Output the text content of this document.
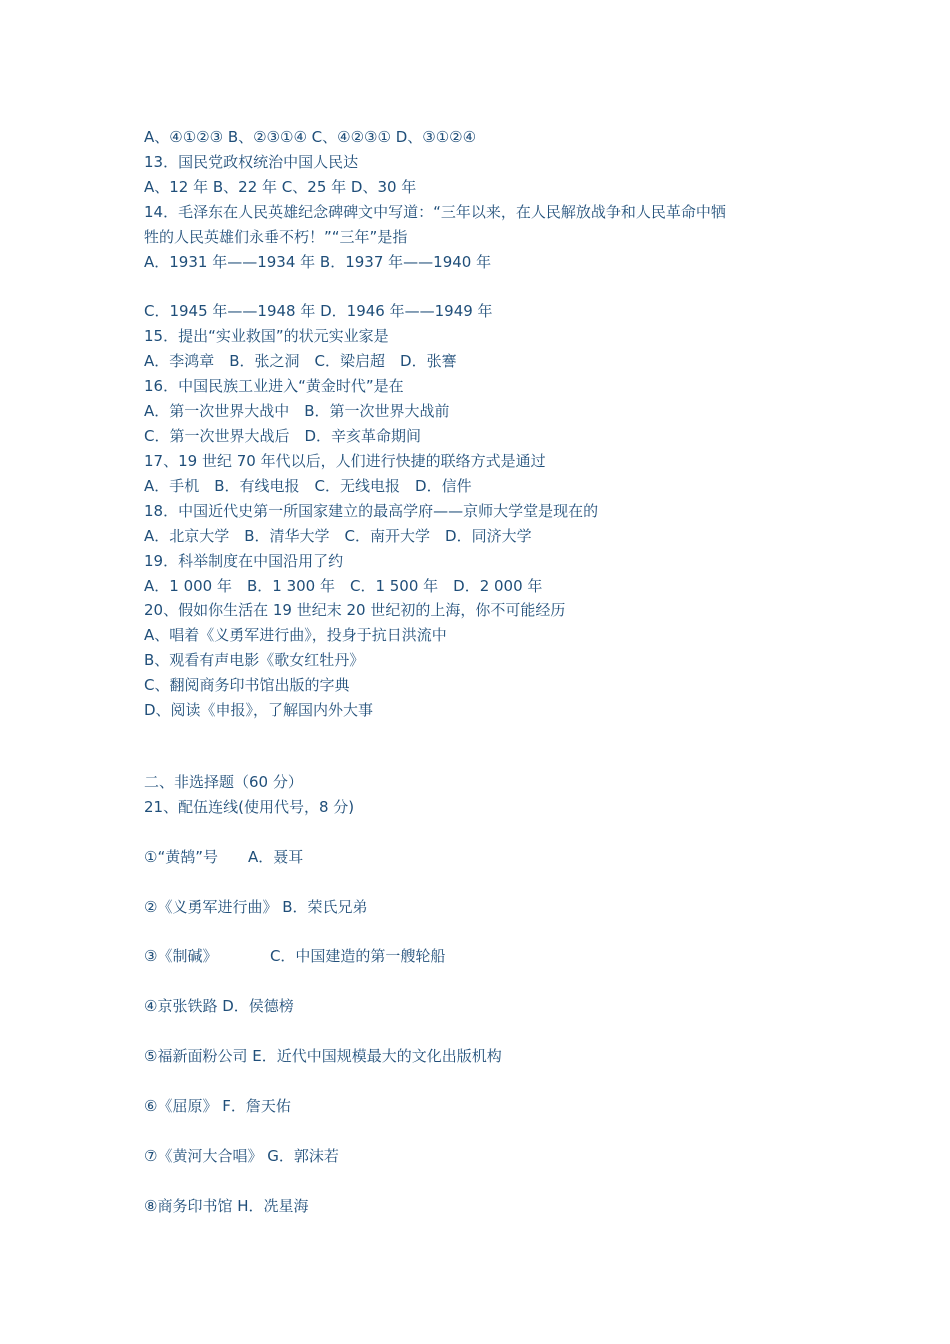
A、④①②③ B、②③①④ C、④②③① D、③①②④
13．国民党政权统治中国人民达
A、12 年 B、22 年 C、25 年 D、30 年
14．毛泽东在人民英雄纪念碑碑文中写道：“三年以来，在人民解放战争和人民革命中牺
牲的人民英雄们永垂不朽！”“三年”是指
A．1931 年——1934 年 B．1937 年——1940 年
C．1945 年——1948 年 D．1946 年——1949 年
15．提出“实业救国”的状元实业家是
A．李鸿章　B．张之洞　C．梁启超　D．张謇
16．中国民族工业进入“黄金时代”是在
A．第一次世界大战中　B．第一次世界大战前
C．第一次世界大战后　D．辛亥革命期间
17、19 世纪 70 年代以后，人们进行快捷的联络方式是通过
A．手机　B．有线电报　C．无线电报　D．信件
18．中国近代史第一所国家建立的最高学府——京师大学堂是现在的
A．北京大学　B．清华大学　C．南开大学　D．同济大学
19．科举制度在中国沿用了约
A．1 000 年　B．1 300 年　C．1 500 年　D．2 000 年
20、假如你生活在 19 世纪末 20 世纪初的上海，你不可能经历
A、唱着《义勇军进行曲》，投身于抗日洪流中
B、观看有声电影《歌女红牡丹》
C、翻阅商务印书馆出版的字典
D、阅读《申报》，了解国内外大事
二、非选择题（60 分）
21、配伍连线(使用代号，8 分)
①“黄鹄”号　　A．聂耳
②《义勇军进行曲》 B．荣氏兄弟
③《制碱》　　　　C．中国建造的第一艘轮船
④京张铁路 D．侯德榜
⑤福新面粉公司 E．近代中国规模最大的文化出版机构
⑥《屈原》 F．詹天佑
⑦《黄河大合唱》 G．郭沫若
⑧商务印书馆 H．冼星海
